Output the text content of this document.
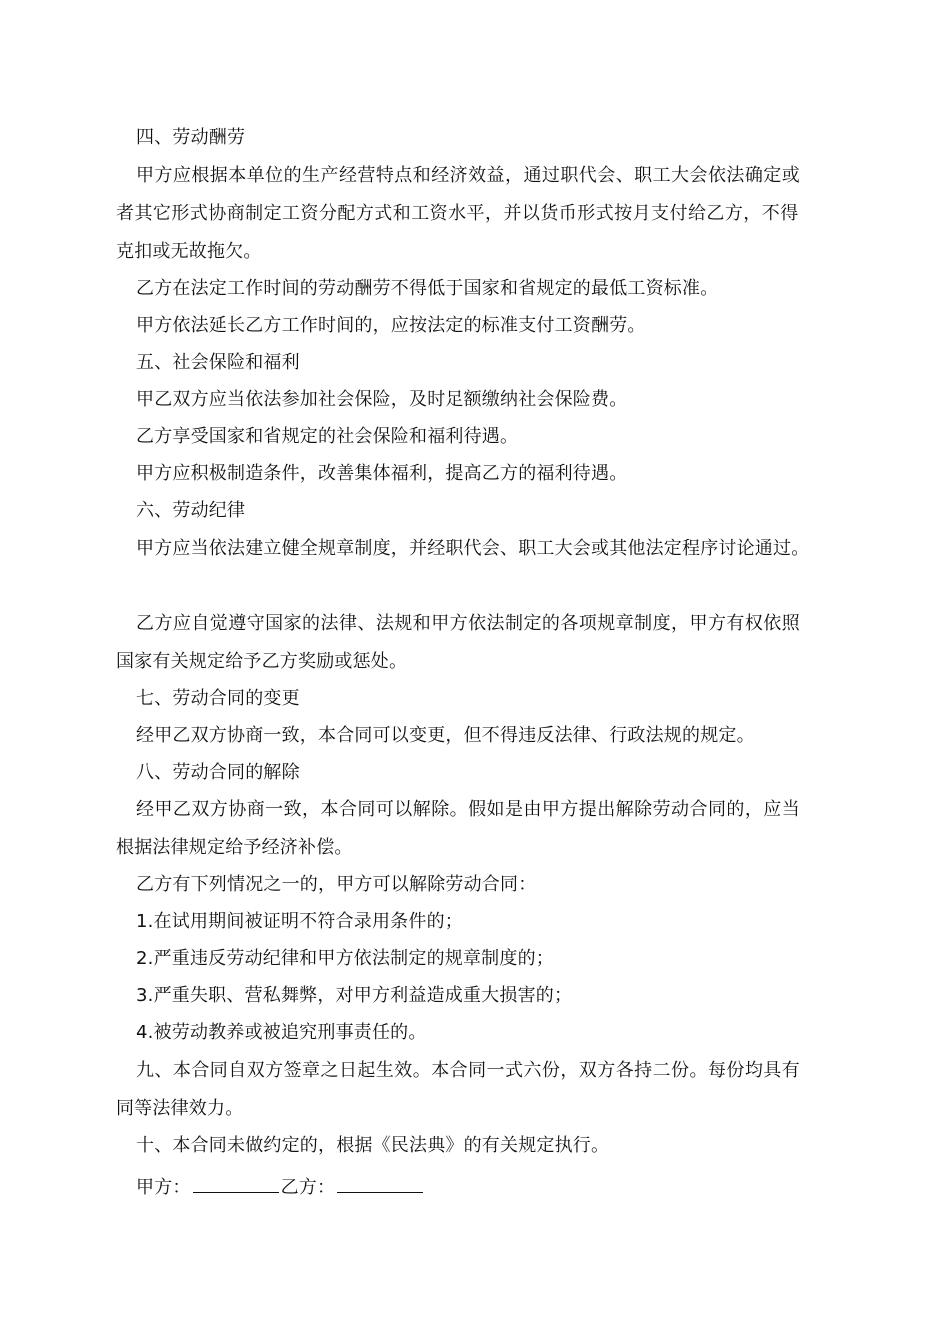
四、劳动酬劳
甲方应根据本单位的生产经营特点和经济效益，通过职代会、职工大会依法确定或
者其它形式协商制定工资分配方式和工资水平，并以货币形式按月支付给乙方，不得
克扣或无故拖欠。
乙方在法定工作时间的劳动酬劳不得低于国家和省规定的最低工资标准。
甲方依法延长乙方工作时间的，应按法定的标准支付工资酬劳。
五、社会保险和福利
甲乙双方应当依法参加社会保险，及时足额缴纳社会保险费。
乙方享受国家和省规定的社会保险和福利待遇。
甲方应积极制造条件，改善集体福利，提高乙方的福利待遇。
六、劳动纪律
甲方应当依法建立健全规章制度，并经职代会、职工大会或其他法定程序讨论通过。
乙方应自觉遵守国家的法律、法规和甲方依法制定的各项规章制度，甲方有权依照
国家有关规定给予乙方奖励或惩处。
七、劳动合同的变更
经甲乙双方协商一致，本合同可以变更，但不得违反法律、行政法规的规定。
八、劳动合同的解除
经甲乙双方协商一致，本合同可以解除。假如是由甲方提出解除劳动合同的，应当
根据法律规定给予经济补偿。
乙方有下列情况之一的，甲方可以解除劳动合同：
1.在试用期间被证明不符合录用条件的；
2.严重违反劳动纪律和甲方依法制定的规章制度的；
3.严重失职、营私舞弊，对甲方利益造成重大损害的；
4.被劳动教养或被追究刑事责任的。
九、本合同自双方签章之日起生效。本合同一式六份，双方各持二份。每份均具有
同等法律效力。
十、本合同未做约定的，根据《民法典》的有关规定执行。
甲方：	乙方：
